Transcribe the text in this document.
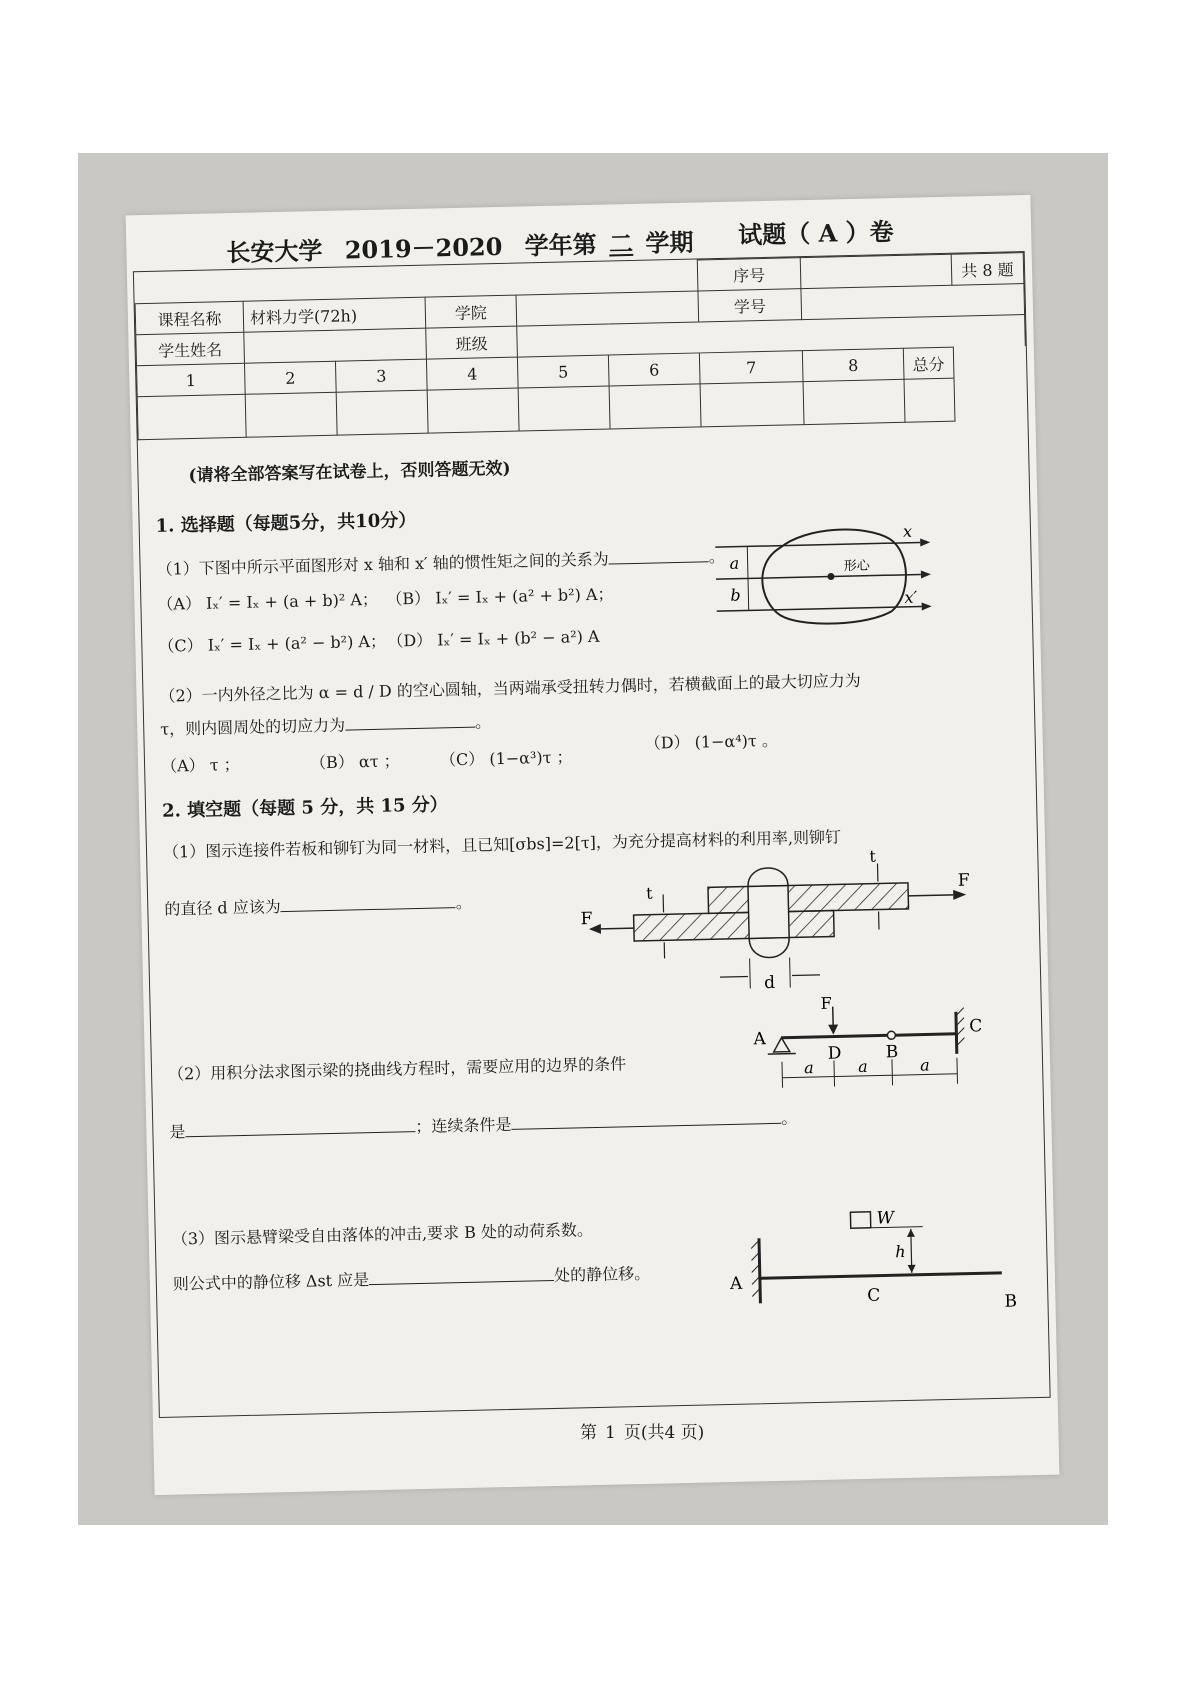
长安大学 2019－2020 学年第 二 学期	试题（ A ）卷
						序号			共 8 题
课程名称	材料力学(72h)		学院			学号			
学生姓名			班级						
1	2	3	4	5	6	7	8	总分

(请将全部答案写在试卷上，否则答题无效)
1. 选择题（每题5分，共10分）
（1）下图中所示平面图形对 x 轴和 x′ 轴的惯性矩之间的关系为	。
（A） Iₓ′ = Iₓ + (a + b)² A； （B） Iₓ′ = Iₓ + (a² + b²) A；
（C） Iₓ′ = Iₓ + (a² − b²) A； （D） Iₓ′ = Iₓ + (b² − a²) A
x
x′
a
b
形心
（2）一内外径之比为 α = d / D 的空心圆轴，当两端承受扭转力偶时，若横截面上的最大切应力为
τ，则内圆周处的切应力为	。
（A） τ ；	（B） ατ ； （C） (1−α³)τ ；
（D） (1−α⁴)τ 。
2. 填空题（每题 5 分，共 15 分）
（1）图示连接件若板和铆钉为同一材料，且已知[σbs]=2[τ]，为充分提高材料的利用率,则铆钉
的直径 d 应该为	。
t
t
F
F
d
（2）用积分法求图示梁的挠曲线方程时，需要应用的边界的条件
是	；连续条件是	。
F
A
D	B
C
a	a	a
（3）图示悬臂梁受自由落体的冲击,要求 B 处的动荷系数。
则公式中的静位移 Δst 应是	处的静位移。
W
h
A
C	B
第 1 页(共4 页)
